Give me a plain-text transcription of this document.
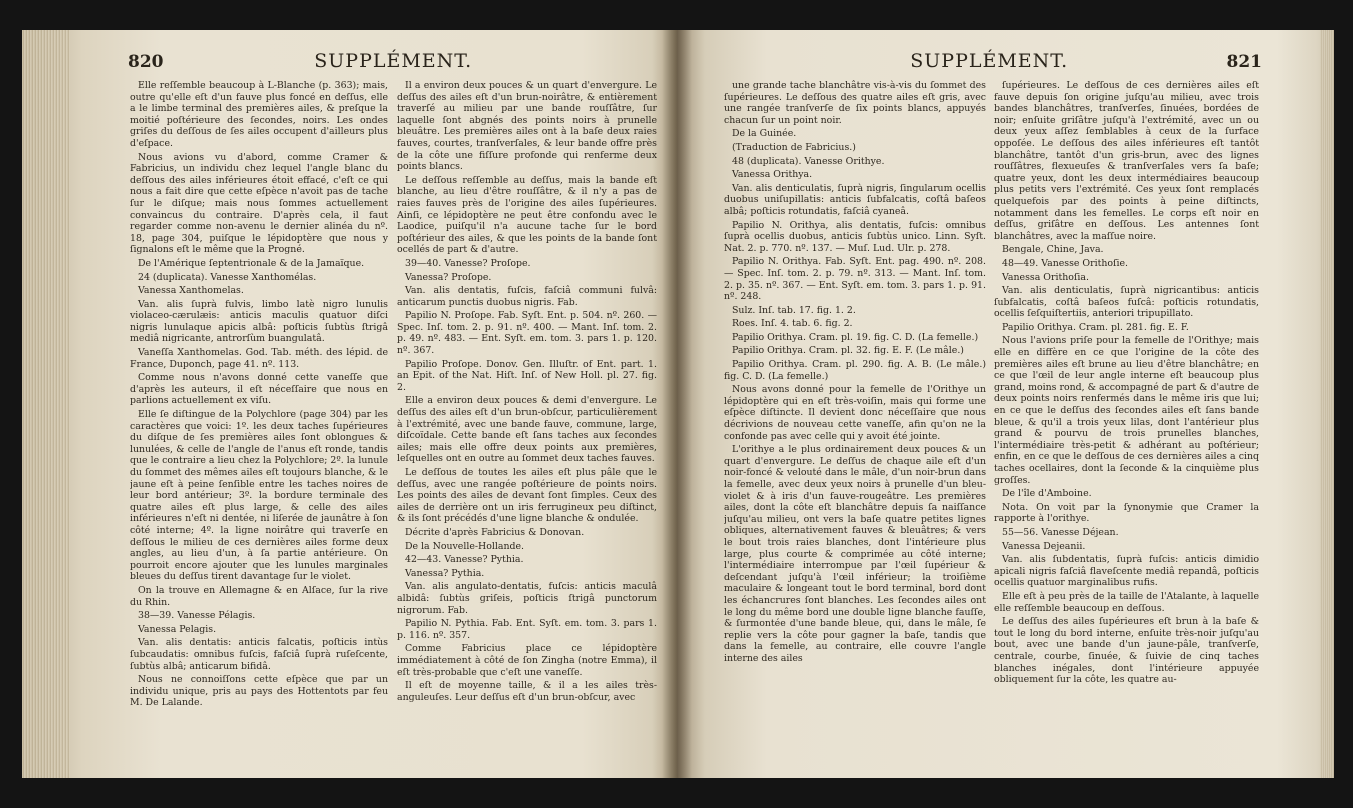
820	SUPPLÉMENT.	SUPPLÉMENT.	821

Elle reſſemble beaucoup à L-Blanche (p. 363); mais, outre qu'elle eſt d'un fauve plus foncé en deſſus, elle a le limbe terminal des premières ailes, & preſque la moitié poſtérieure des ſecondes, noirs. Les ondes griſes du deſſous de ſes ailes occupent d'ailleurs plus d'eſpace.

Nous avions vu d'abord, comme Cramer & Fabricius, un individu chez lequel l'angle blanc du deſſous des ailes inférieures étoit effacé, c'eſt ce qui nous a fait dire que cette eſpèce n'avoit pas de tache ſur le diſque; mais nous ſommes actuellement convaincus du contraire. D'après cela, il faut regarder comme non-avenu le dernier alinéa du nº. 18, page 304, puiſque le lépidoptère que nous y ſignalons eſt le même que la Progné.

De l'Amérique ſeptentrionale & de la Jamaïque.

24 (duplicata). Vanesse Xanthomélas.

Vanessa Xanthomelas.

Van. alis ſuprà fulvis, limbo latè nigro lunulis violaceo-cærulæis: anticis maculis quatuor diſci nigris lunulaque apicis albâ: poſticis ſubtùs ſtrigâ mediâ nigricante, antrorſùm buangulatâ.

Vaneſſa Xanthomelas. God. Tab. méth. des lépid. de France, Duponch, page 41. nº. 113.

Comme nous n'avons donné cette vaneſſe que d'après les auteurs, il eſt néceſſaire que nous en parlions actuellement ex viſu.

Elle ſe diſtingue de la Polychlore (page 304) par les caractères que voici: 1º. les deux taches ſupérieures du diſque de ſes premières ailes ſont oblongues & lunulées, & celle de l'angle de l'anus eſt ronde, tandis que le contraire a lieu chez la Polychlore; 2º. la lunule du ſommet des mêmes ailes eſt toujours blanche, & le jaune eſt à peine ſenſible entre les taches noires de leur bord antérieur; 3º. la bordure terminale des quatre ailes eſt plus large, & celle des ailes inférieures n'eſt ni dentée, ni liſerée de jaunâtre à ſon côté interne; 4º. la ligne noirâtre qui traverſe en deſſous le milieu de ces dernières ailes forme deux angles, au lieu d'un, à ſa partie antérieure. On pourroit encore ajouter que les lunules marginales bleues du deſſus tirent davantage ſur le violet.

On la trouve en Allemagne & en Alſace, ſur la rive du Rhin.

38—39. Vanesse Pélagis.

Vanessa Pelagis.

Van. alis dentatis: anticis falcatis, poſticis intùs ſubcaudatis: omnibus fuſcis, faſciâ ſuprà ruſeſcente, ſubtùs albâ; anticarum bifidâ.

Nous ne connoiſſons cette eſpèce que par un individu unique, pris au pays des Hottentots par feu M. De Lalande.

Il a environ deux pouces & un quart d'envergure. Le deſſus des ailes eſt d'un brun-noirâtre, & entièrement traverſé au milieu par une bande rouſſâtre, ſur laquelle ſont abgnés des points noirs à prunelle bleuâtre. Les premières ailes ont à la baſe deux raies fauves, courtes, tranſverſales, & leur bande offre près de la côte une fiſſure profonde qui renferme deux points blancs.

Le deſſous reſſemble au deſſus, mais la bande eſt blanche, au lieu d'être rouſſâtre, & il n'y a pas de raies fauves près de l'origine des ailes ſupérieures. Ainſi, ce lépidoptère ne peut être confondu avec le Laodice, puiſqu'il n'a aucune tache ſur le bord poſtérieur des ailes, & que les points de la bande ſont ocellés de part & d'autre.

39—40. Vanesse? Proſope.

Vanessa? Proſope.

Van. alis dentatis, fuſcis, faſciâ communi fulvâ: anticarum punctis duobus nigris. Fab.

Papilio N. Proſope. Fab. Syſt. Ent. p. 504. nº. 260. — Spec. Inſ. tom. 2. p. 91. nº. 400. — Mant. Inſ. tom. 2. p. 49. nº. 483. — Ent. Syſt. em. tom. 3. pars 1. p. 120. nº. 367.

Papilio Proſope. Donov. Gen. Illuſtr. of Ent. part. 1. an Epit. of the Nat. Hiſt. Inſ. of New Holl. pl. 27. fig. 2.

Elle a environ deux pouces & demi d'envergure. Le deſſus des ailes eſt d'un brun-obſcur, particulièrement à l'extrémité, avec une bande fauve, commune, large, diſcoïdale. Cette bande eſt ſans taches aux ſecondes ailes; mais elle offre deux points aux premières, leſquelles ont en outre au ſommet deux taches fauves.

Le deſſous de toutes les ailes eſt plus pâle que le deſſus, avec une rangée poſtérieure de points noirs. Les points des ailes de devant ſont ſimples. Ceux des ailes de derrière ont un iris ferrugineux peu diſtinct, & ils ſont précédés d'une ligne blanche & ondulée.

Décrite d'après Fabricius & Donovan.

De la Nouvelle-Hollande.

42—43. Vanesse? Pythia.

Vanessa? Pythia.

Van. alis angulato-dentatis, fuſcis: anticis maculâ albidâ: ſubtùs griſeis, poſticis ſtrigâ punctorum nigrorum. Fab.

Papilio N. Pythia. Fab. Ent. Syſt. em. tom. 3. pars 1. p. 116. nº. 357.

Comme Fabricius place ce lépidoptère immédiatement à côté de ſon Zingha (notre Emma), il eſt très-probable que c'eſt une vaneſſe.

Il eſt de moyenne taille, & il a les ailes très-anguleuſes. Leur deſſus eſt d'un brun-obſcur, avec

une grande tache blanchâtre vis-à-vis du ſommet des ſupérieures. Le deſſous des quatre ailes eſt gris, avec une rangée tranſverſe de ſix points blancs, appuyés chacun ſur un point noir.

De la Guinée.

(Traduction de Fabricius.)

48 (duplicata). Vanesse Orithye.

Vanessa Orithya.

Van. alis denticulatis, ſuprà nigris, ſingularum ocellis duobus uniſupillatis: anticis ſubfalcatis, coſtâ baſeos albâ; poſticis rotundatis, faſciâ cyaneâ.

Papilio N. Orithya, alis dentatis, fuſcis: omnibus ſuprà ocellis duobus, anticis ſubtùs unico. Linn. Syſt. Nat. 2. p. 770. nº. 137. — Muſ. Lud. Ulr. p. 278.

Papilio N. Orithya. Fab. Syſt. Ent. pag. 490. nº. 208. — Spec. Inſ. tom. 2. p. 79. nº. 313. — Mant. Inſ. tom. 2. p. 35. nº. 367. — Ent. Syſt. em. tom. 3. pars 1. p. 91. nº. 248.

Sulz. Inſ. tab. 17. fig. 1. 2.

Roes. Inſ. 4. tab. 6. fig. 2.

Papilio Orithya. Cram. pl. 19. fig. C. D. (La femelle.)

Papilio Orithya. Cram. pl. 32. fig. E. F. (Le mâle.)

Papilio Orithya. Cram. pl. 290. fig. A. B. (Le mâle.) fig. C. D. (La femelle.)

Nous avons donné pour la femelle de l'Orithye un lépidoptère qui en eſt très-voiſin, mais qui forme une eſpèce diſtincte. Il devient donc néceſſaire que nous décrivions de nouveau cette vaneſſe, afin qu'on ne la confonde pas avec celle qui y avoit été jointe.

L'orithye a le plus ordinairement deux pouces & un quart d'envergure. Le deſſus de chaque aile eſt d'un noir-foncé & velouté dans le mâle, d'un noir-brun dans la femelle, avec deux yeux noirs à prunelle d'un bleu-violet & à iris d'un fauve-rougeâtre. Les premières ailes, dont la côte eſt blanchâtre depuis ſa naiſſance juſqu'au milieu, ont vers la baſe quatre petites lignes obliques, alternativement fauves & bleuâtres; & vers le bout trois raies blanches, dont l'intérieure plus large, plus courte & comprimée au côté interne; l'intermédiaire interrompue par l'œil ſupérieur & deſcendant juſqu'à l'œil inférieur; la troiſième maculaire & longeant tout le bord terminal, bord dont les échancrures ſont blanches. Les ſecondes ailes ont le long du même bord une double ligne blanche fauſſe, & ſurmontée d'une bande bleue, qui, dans le mâle, ſe replie vers la côte pour gagner la baſe, tandis que dans la femelle, au contraire, elle couvre l'angle interne des ailes

ſupérieures. Le deſſous de ces dernières ailes eſt fauve depuis ſon origine juſqu'au milieu, avec trois bandes blanchâtres, tranſverſes, ſinuées, bordées de noir; enſuite griſâtre juſqu'à l'extrémité, avec un ou deux yeux aſſez ſemblables à ceux de la ſurface oppoſée. Le deſſous des ailes inférieures eſt tantôt blanchâtre, tantôt d'un gris-brun, avec des lignes rouſſâtres, flexueuſes & tranſverſales vers ſa baſe; quatre yeux, dont les deux intermédiaires beaucoup plus petits vers l'extrémité. Ces yeux ſont remplacés quelquefois par des points à peine diſtincts, notamment dans les femelles. Le corps eſt noir en deſſus, griſâtre en deſſous. Les antennes ſont blanchâtres, avec la maſſue noire.

Bengale, Chine, Java.

48—49. Vanesse Orithoſie.

Vanessa Orithoſia.

Van. alis denticulatis, ſuprà nigricantibus: anticis ſubfalcatis, coſtâ baſeos fuſcâ: poſticis rotundatis, ocellis ſeſquiſtertiis, anteriori tripupillato.

Papilio Orithya. Cram. pl. 281. fig. E. F.

Nous l'avions priſe pour la femelle de l'Orithye; mais elle en diffère en ce que l'origine de la côte des premières ailes eſt brune au lieu d'être blanchâtre; en ce que l'œil de leur angle interne eſt beaucoup plus grand, moins rond, & accompagné de part & d'autre de deux points noirs renfermés dans le même iris que lui; en ce que le deſſus des ſecondes ailes eſt ſans bande bleue, & qu'il a trois yeux lilas, dont l'antérieur plus grand & pourvu de trois prunelles blanches, l'intermédiaire très-petit & adhérant au poſtérieur; enfin, en ce que le deſſous de ces dernières ailes a cinq taches ocellaires, dont la ſeconde & la cinquième plus groſſes.

De l'île d'Amboine.

Nota. On voit par la ſynonymie que Cramer la rapporte à l'orithye.

55—56. Vanesse Déjean.

Vanessa Dejeanii.

Van. alis ſubdentatis, ſuprà fuſcis: anticis dimidio apicali nigris faſciâ flaveſcente mediâ repandâ, poſticis ocellis quatuor marginalibus rufis.

Elle eſt à peu près de la taille de l'Atalante, à laquelle elle reſſemble beaucoup en deſſous.

Le deſſus des ailes ſupérieures eſt brun à la baſe & tout le long du bord interne, enſuite très-noir juſqu'au bout, avec une bande d'un jaune-pâle, tranſverſe, centrale, courbe, ſinuée, & ſuivie de cinq taches blanches inégales, dont l'intérieure appuyée obliquement ſur la côte, les quatre au-
